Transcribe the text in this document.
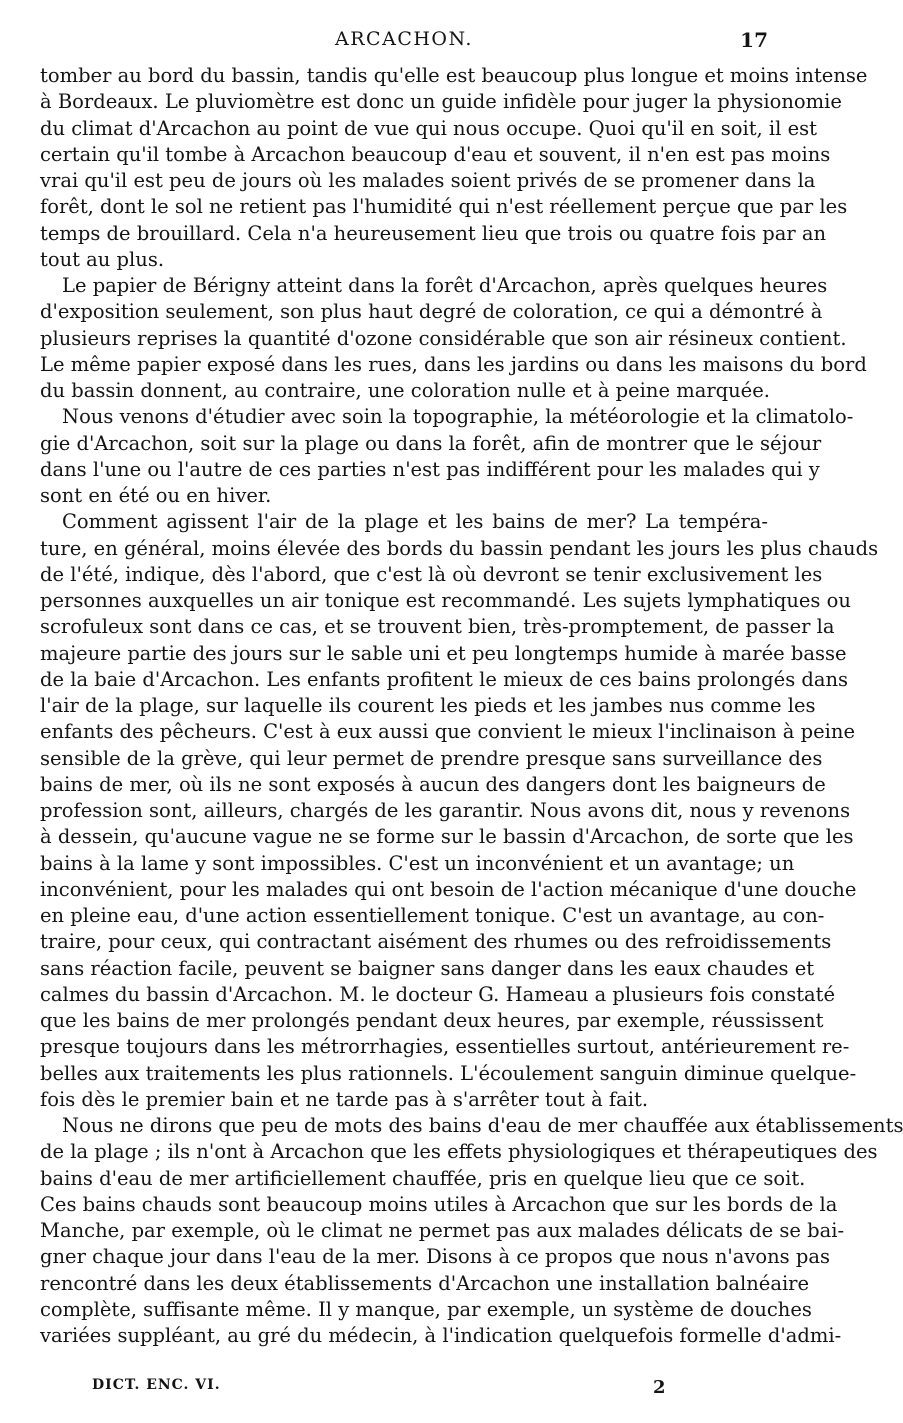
ARCACHON.	17
tomber au bord du bassin, tandis qu'elle est beaucoup plus longue et moins intense
à Bordeaux. Le pluviomètre est donc un guide infidèle pour juger la physionomie
du climat d'Arcachon au point de vue qui nous occupe. Quoi qu'il en soit, il est
certain qu'il tombe à Arcachon beaucoup d'eau et souvent, il n'en est pas moins
vrai qu'il est peu de jours où les malades soient privés de se promener dans la
forêt, dont le sol ne retient pas l'humidité qui n'est réellement perçue que par les
temps de brouillard. Cela n'a heureusement lieu que trois ou quatre fois par an
tout au plus.
Le papier de Bérigny atteint dans la forêt d'Arcachon, après quelques heures
d'exposition seulement, son plus haut degré de coloration, ce qui a démontré à
plusieurs reprises la quantité d'ozone considérable que son air résineux contient.
Le même papier exposé dans les rues, dans les jardins ou dans les maisons du bord
du bassin donnent, au contraire, une coloration nulle et à peine marquée.
Nous venons d'étudier avec soin la topographie, la météorologie et la climatolo-
gie d'Arcachon, soit sur la plage ou dans la forêt, afin de montrer que le séjour
dans l'une ou l'autre de ces parties n'est pas indifférent pour les malades qui y
sont en été ou en hiver.
Comment agissent l'air de la plage et les bains de mer? La tempéra-
ture, en général, moins élevée des bords du bassin pendant les jours les plus chauds
de l'été, indique, dès l'abord, que c'est là où devront se tenir exclusivement les
personnes auxquelles un air tonique est recommandé. Les sujets lymphatiques ou
scrofuleux sont dans ce cas, et se trouvent bien, très-promptement, de passer la
majeure partie des jours sur le sable uni et peu longtemps humide à marée basse
de la baie d'Arcachon. Les enfants profitent le mieux de ces bains prolongés dans
l'air de la plage, sur laquelle ils courent les pieds et les jambes nus comme les
enfants des pêcheurs. C'est à eux aussi que convient le mieux l'inclinaison à peine
sensible de la grève, qui leur permet de prendre presque sans surveillance des
bains de mer, où ils ne sont exposés à aucun des dangers dont les baigneurs de
profession sont, ailleurs, chargés de les garantir. Nous avons dit, nous y revenons
à dessein, qu'aucune vague ne se forme sur le bassin d'Arcachon, de sorte que les
bains à la lame y sont impossibles. C'est un inconvénient et un avantage; un
inconvénient, pour les malades qui ont besoin de l'action mécanique d'une douche
en pleine eau, d'une action essentiellement tonique. C'est un avantage, au con-
traire, pour ceux, qui contractant aisément des rhumes ou des refroidissements
sans réaction facile, peuvent se baigner sans danger dans les eaux chaudes et
calmes du bassin d'Arcachon. M. le docteur G. Hameau a plusieurs fois constaté
que les bains de mer prolongés pendant deux heures, par exemple, réussissent
presque toujours dans les métrorrhagies, essentielles surtout, antérieurement re-
belles aux traitements les plus rationnels. L'écoulement sanguin diminue quelque-
fois dès le premier bain et ne tarde pas à s'arrêter tout à fait.
Nous ne dirons que peu de mots des bains d'eau de mer chauffée aux établissements
de la plage ; ils n'ont à Arcachon que les effets physiologiques et thérapeutiques des
bains d'eau de mer artificiellement chauffée, pris en quelque lieu que ce soit.
Ces bains chauds sont beaucoup moins utiles à Arcachon que sur les bords de la
Manche, par exemple, où le climat ne permet pas aux malades délicats de se bai-
gner chaque jour dans l'eau de la mer. Disons à ce propos que nous n'avons pas
rencontré dans les deux établissements d'Arcachon une installation balnéaire
complète, suffisante même. Il y manque, par exemple, un système de douches
variées suppléant, au gré du médecin, à l'indication quelquefois formelle d'admi-
DICT. ENC. VI.	2
